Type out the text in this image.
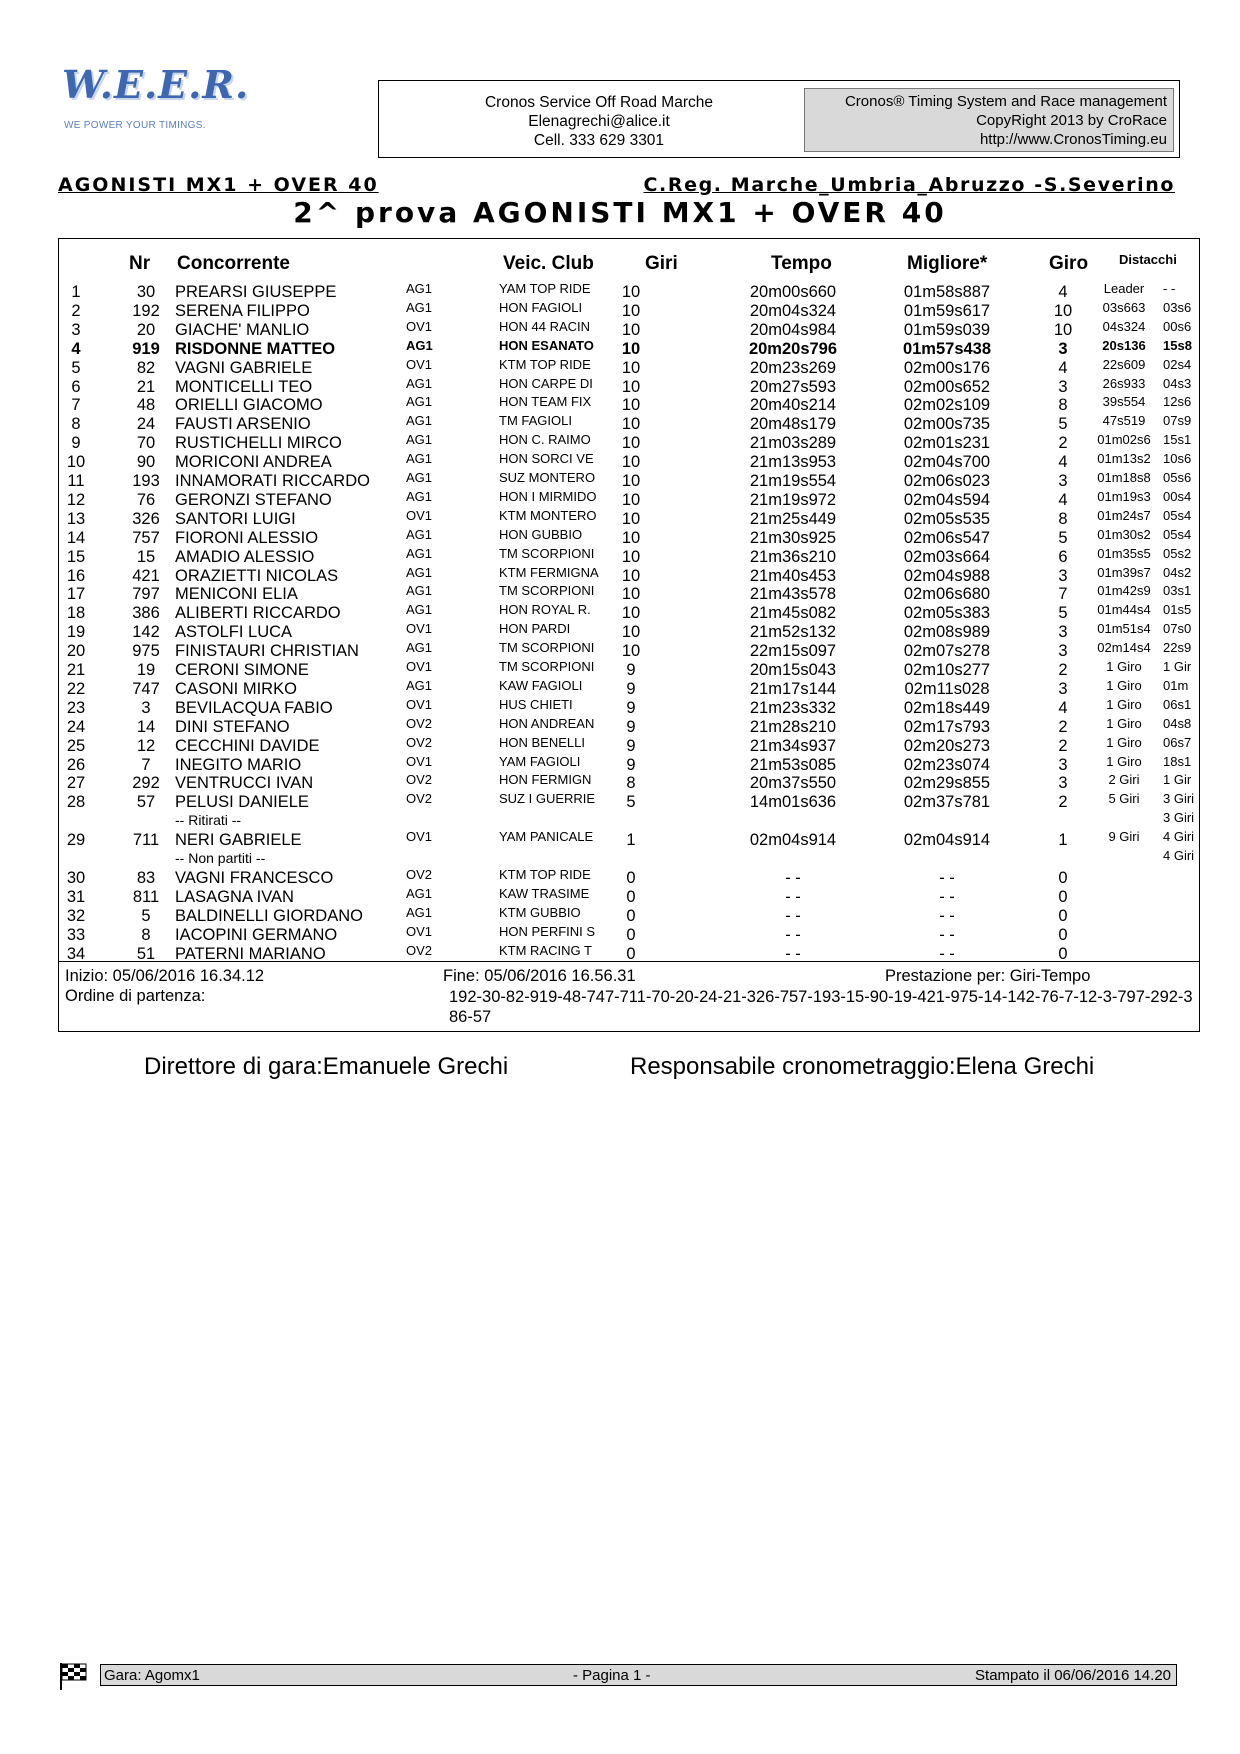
W.E.E.R.
WE POWER YOUR TIMINGS.
Cronos Service Off Road Marche
Elenagrechi@alice.it
Cell. 333 629 3301
Cronos® Timing System and Race management
CopyRight 2013 by CroRace
http://www.CronosTiming.eu
AGONISTI MX1 + OVER 40	C.Reg. Marche_Umbria_Abruzzo -S.Severino
2^ prova AGONISTI MX1 + OVER 40
Nr Concorrente	Veic. Club	Giri	Tempo	Migliore*	Giro Distacchi
1	30	PREARSI GIUSEPPE	AG1	YAM TOP RIDE	10	20m00s660	01m58s887	4	Leader	- -
2	192 SERENA FILIPPO	AG1	HON FAGIOLI	10	20m04s324	01m59s617	10	03s663	03s6
3	20	GIACHE' MANLIO	OV1	HON 44 RACIN	10	20m04s984	01m59s039	10	04s324	00s6
4	919 RISDONNE MATTEO	AG1	HON ESANATO	10	20m20s796	01m57s438	3	20s136	15s8
5	82	VAGNI GABRIELE	OV1	KTM TOP RIDE	10	20m23s269	02m00s176	4	22s609	02s4
6	21	MONTICELLI TEO	AG1	HON CARPE DI	10	20m27s593	02m00s652	3	26s933	04s3
7	48	ORIELLI GIACOMO	AG1	HON TEAM FIX	10	20m40s214	02m02s109	8	39s554	12s6
8	24	FAUSTI ARSENIO	AG1	TM FAGIOLI	10	20m48s179	02m00s735	5	47s519	07s9
9	70	RUSTICHELLI MIRCO	AG1	HON C. RAIMO	10	21m03s289	02m01s231	2	01m02s6 15s1
10	90	MORICONI ANDREA	AG1	HON SORCI VE	10	21m13s953	02m04s700	4	01m13s2 10s6
11	193 INNAMORATI RICCARDO	AG1	SUZ MONTERO	10	21m19s554	02m06s023	3	01m18s8 05s6
12	76	GERONZI STEFANO	AG1	HON I MIRMIDO	10	21m19s972	02m04s594	4	01m19s3 00s4
13	326 SANTORI LUIGI	OV1	KTM MONTERO	10	21m25s449	02m05s535	8	01m24s7 05s4
14	757 FIORONI ALESSIO	AG1	HON GUBBIO	10	21m30s925	02m06s547	5	01m30s2 05s4
15	15	AMADIO ALESSIO	AG1	TM SCORPIONI	10	21m36s210	02m03s664	6	01m35s5 05s2
16	421 ORAZIETTI NICOLAS	AG1	KTM FERMIGNA	10	21m40s453	02m04s988	3	01m39s7 04s2
17	797 MENICONI ELIA	AG1	TM SCORPIONI	10	21m43s578	02m06s680	7	01m42s9 03s1
18	386 ALIBERTI RICCARDO	AG1	HON ROYAL R.	10	21m45s082	02m05s383	5	01m44s4 01s5
19	142 ASTOLFI LUCA	OV1	HON PARDI	10	21m52s132	02m08s989	3	01m51s4 07s0
20	975 FINISTAURI CHRISTIAN	AG1	TM SCORPIONI	10	22m15s097	02m07s278	3	02m14s4 22s9
21	19	CERONI SIMONE	OV1	TM SCORPIONI	9	20m15s043	02m10s277	2	1 Giro	1 Gir
22	747 CASONI MIRKO	AG1	KAW FAGIOLI	9	21m17s144	02m11s028	3	1 Giro	01m
23	3	BEVILACQUA FABIO	OV1	HUS CHIETI	9	21m23s332	02m18s449	4	1 Giro	06s1
24	14	DINI STEFANO	OV2	HON ANDREAN	9	21m28s210	02m17s793	2	1 Giro	04s8
25	12	CECCHINI DAVIDE	OV2	HON BENELLI	9	21m34s937	02m20s273	2	1 Giro	06s7
26	7	INEGITO MARIO	OV1	YAM FAGIOLI	9	21m53s085	02m23s074	3	1 Giro	18s1
27	292 VENTRUCCI IVAN	OV2	HON FERMIGN	8	20m37s550	02m29s855	3	2 Giri	1 Gir
28	57	PELUSI DANIELE	OV2	SUZ I GUERRIE	5	14m01s636	02m37s781	2	5 Giri	3 Giri
-- Ritirati --	3 Giri
29	711 NERI GABRIELE	OV1	YAM PANICALE	1	02m04s914	02m04s914	1	9 Giri	4 Giri
-- Non partiti --	4 Giri
30	83	VAGNI FRANCESCO	OV2	KTM TOP RIDE	0	- -	- -	0
31	811 LASAGNA IVAN	AG1	KAW TRASIME	0	- -	- -	0
32	5	BALDINELLI GIORDANO	AG1	KTM GUBBIO	0	- -	- -	0
33	8	IACOPINI GERMANO	OV1	HON PERFINI S	0	- -	- -	0
34	51	PATERNI MARIANO	OV2	KTM RACING T	0	- -	- -	0
Inizio: 05/06/2016 16.34.12	Fine: 05/06/2016 16.56.31	Prestazione per: Giri-Tempo
Ordine di partenza:	192-30-82-919-48-747-711-70-20-24-21-326-757-193-15-90-19-421-975-14-142-76-7-12-3-797-292-386-57
Direttore di gara:Emanuele Grechi	Responsabile cronometraggio:Elena Grechi
Gara: Agomx1	- Pagina 1 -	Stampato il 06/06/2016 14.20
